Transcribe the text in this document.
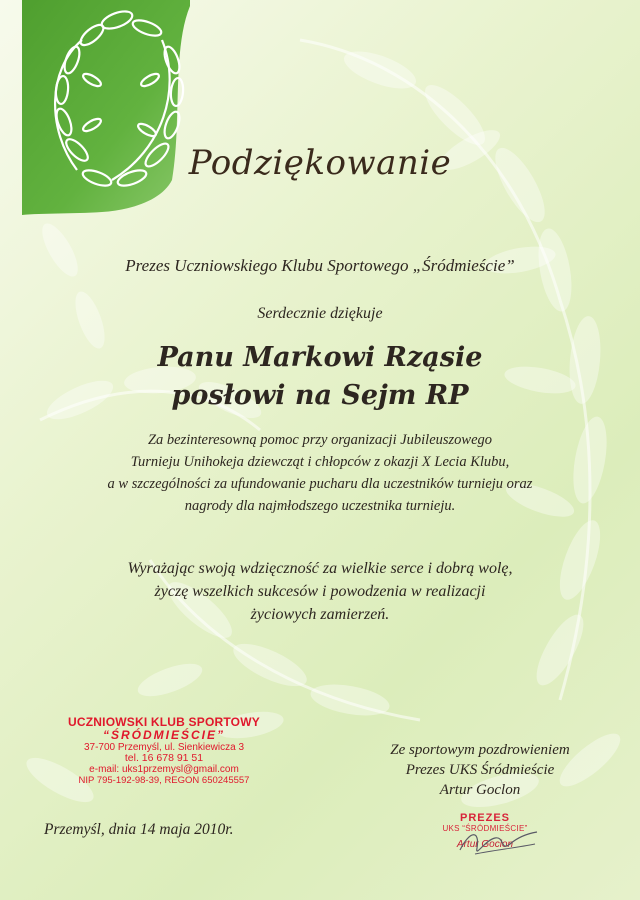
Podziękowanie
Prezes Uczniowskiego Klubu Sportowego „Śródmieście”
Serdecznie dziękuje
Panu Markowi Rząsie
posłowi na Sejm RP
Za bezinteresowną pomoc przy organizacji Jubileuszowego
Turnieju Unihokeja dziewcząt i chłopców z okazji X Lecia Klubu,
a w szczególności za ufundowanie pucharu dla uczestników turnieju oraz
nagrody dla najmłodszego uczestnika turnieju.
Wyrażając swoją wdzięczność za wielkie serce i dobrą wolę,
życzę wszelkich sukcesów i powodzenia w realizacji
życiowych zamierzeń.
UCZNIOWSKI KLUB SPORTOWY
“ŚRÓDMIEŚCIE”
37-700 Przemyśl, ul. Sienkiewicza 3
tel. 16 678 91 51
e-mail: uks1przemysl@gmail.com
NIP 795-192-98-39, REGON 650245557
Ze sportowym pozdrowieniem
Prezes UKS Śródmieście
Artur Goclon
Przemyśl, dnia 14 maja 2010r.
PREZES
UKS “ŚRÓDMIEŚCIE”
Artur Goclon
